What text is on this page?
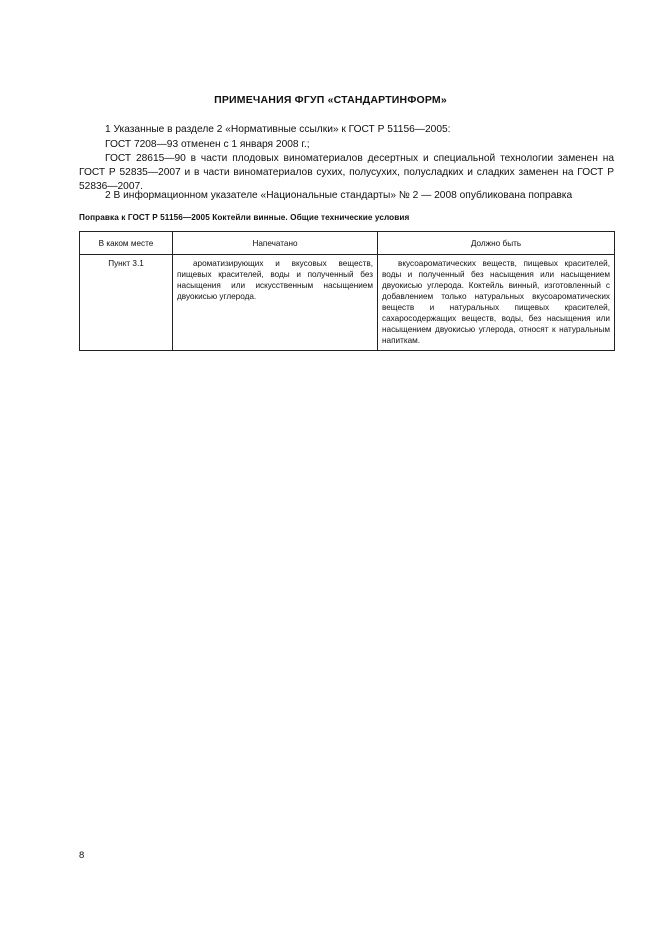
ПРИМЕЧАНИЯ ФГУП «СТАНДАРТИНФОРМ»

1 Указанные в разделе 2 «Нормативные ссылки» к ГОСТ Р 51156—2005:

ГОСТ 7208—93 отменен с 1 января 2008 г.;

ГОСТ 28615—90 в части плодовых виноматериалов десертных и специальной технологии заменен на ГОСТ Р 52835—2007 и в части виноматериалов сухих, полусухих, полусладких и сладких заменен на ГОСТ Р 52836—2007.

2 В информационном указателе «Национальные стандарты» № 2 — 2008 опубликована поправка

Поправка к ГОСТ Р 51156—2005 Коктейли винные. Общие технические условия
В каком месте	Напечатано	Должно быть
Пункт 3.1	ароматизирующих и вкусовых веществ, пищевых красителей, воды и полученный без насыщения или искусственным насыщением двуокисью углерода.	вкусоароматических веществ, пищевых красителей, воды и полученный без насыщения или насыщением двуокисью углерода. Коктейль винный, изготовленный с добавлением только натуральных вкусоароматических веществ и натуральных пищевых красителей, сахаросодержащих веществ, воды, без насыщения или насыщением двуокисью углерода, относят к натуральным напиткам.
8
